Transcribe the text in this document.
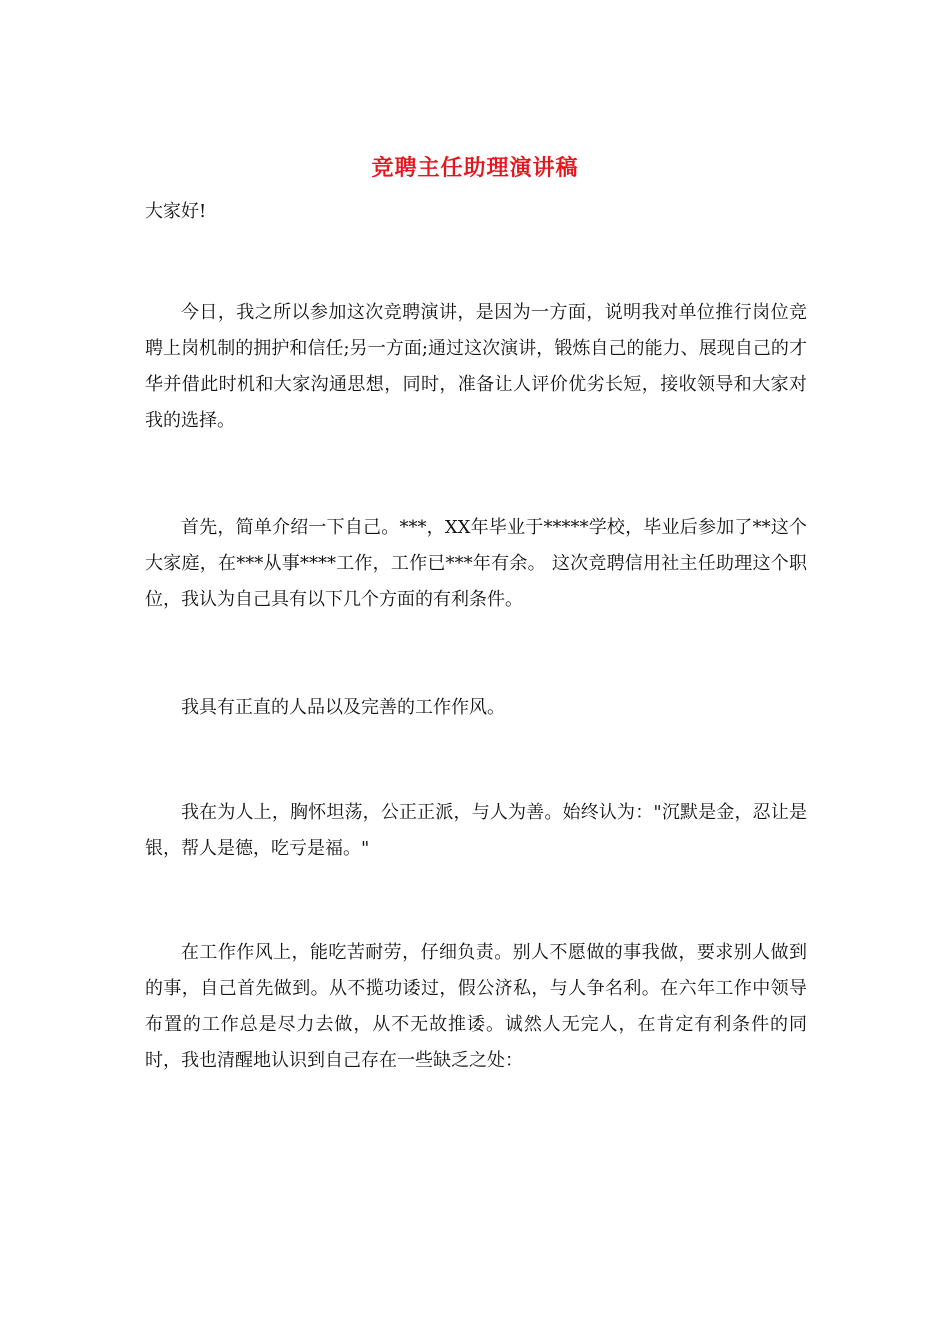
竞聘主任助理演讲稿
大家好!

今日，我之所以参加这次竞聘演讲，是因为一方面，说明我对单位推行岗位竞聘上岗机制的拥护和信任;另一方面;通过这次演讲，锻炼自己的能力、展现自己的才华并借此时机和大家沟通思想，同时，准备让人评价优劣长短，接收领导和大家对我的选择。

首先，简单介绍一下自己。***，XX年毕业于*****学校，毕业后参加了**这个大家庭，在***从事****工作，工作已***年有余。 这次竞聘信用社主任助理这个职位，我认为自己具有以下几个方面的有利条件。

我具有正直的人品以及完善的工作作风。

我在为人上，胸怀坦荡，公正正派，与人为善。始终认为："沉默是金，忍让是银，帮人是德，吃亏是福。"

在工作作风上，能吃苦耐劳，仔细负责。别人不愿做的事我做，要求别人做到的事，自己首先做到。从不揽功诿过，假公济私，与人争名利。在六年工作中领导布置的工作总是尽力去做，从不无故推诿。诚然人无完人，在肯定有利条件的同时，我也清醒地认识到自己存在一些缺乏之处：
